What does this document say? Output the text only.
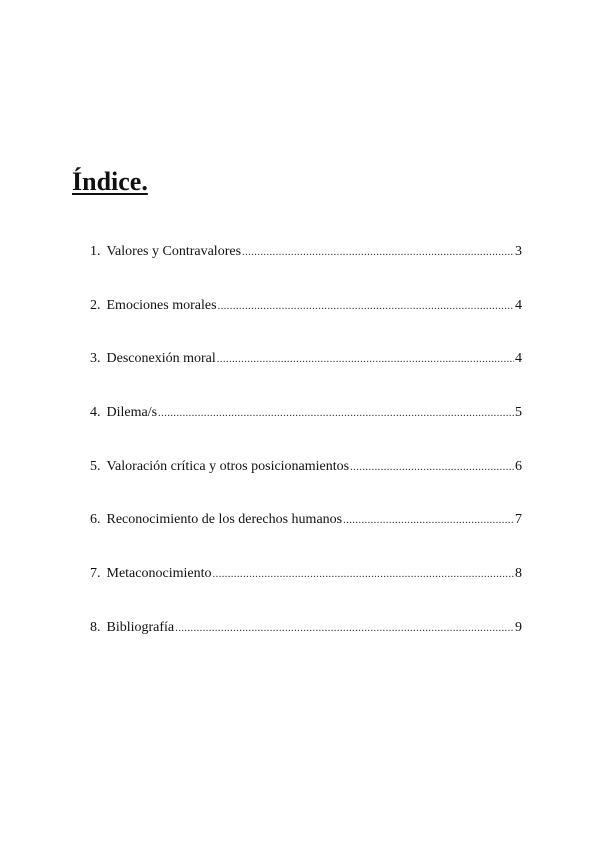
Índice.
1. Valores y Contravalores .....	3
2. Emociones morales .....	4
3. Desconexión moral .....	4
4. Dilema/s .....	5
5. Valoración crítica y otros posicionamientos .....	6
6. Reconocimiento de los derechos humanos .....	7
7. Metaconocimiento .....	8
8. Bibliografía .....	9
